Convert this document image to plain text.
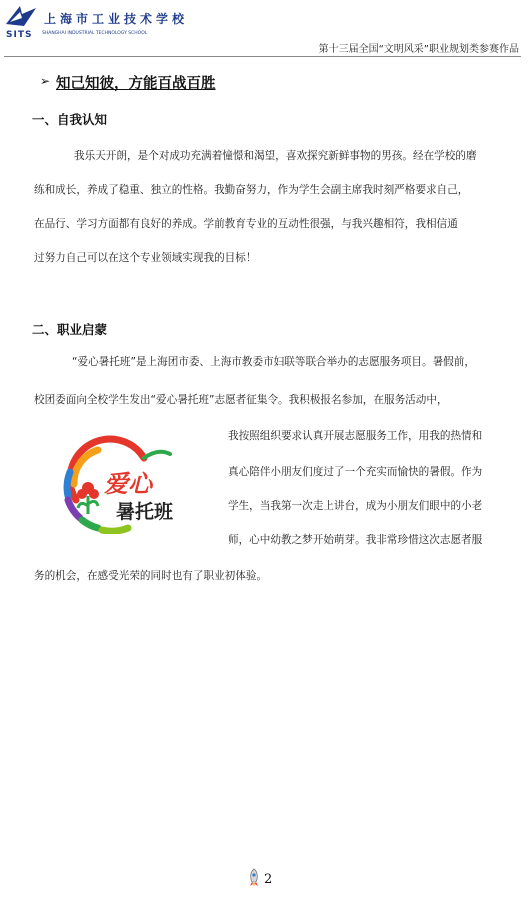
上海市工业技术学校
SITS SHANGHAI INDUSTRIAL TECHNOLOGY SCHOOL
第十三届全国“文明风采”职业规划类参赛作品
➢ 知己知彼，方能百战百胜
一、自我认知
我乐天开朗，是个对成功充满着憧憬和渴望，喜欢探究新鲜事物的男孩。经在学校的磨
练和成长，养成了稳重、独立的性格。我勤奋努力，作为学生会副主席我时刻严格要求自己，
在品行、学习方面都有良好的养成。学前教育专业的互动性很强，与我兴趣相符，我相信通
过努力自己可以在这个专业领域实现我的目标！
二、职业启蒙
“爱心暑托班”是上海团市委、上海市教委市妇联等联合举办的志愿服务项目。暑假前，
校团委面向全校学生发出“爱心暑托班”志愿者征集令。我积极报名参加，在服务活动中，
我按照组织要求认真开展志愿服务工作，用我的热情和
真心陪伴小朋友们度过了一个充实而愉快的暑假。作为
学生，当我第一次走上讲台，成为小朋友们眼中的小老
师，心中幼教之梦开始萌芽。我非常珍惜这次志愿者服
务的机会，在感受光荣的同时也有了职业初体验。
爱心
暑托班
2
